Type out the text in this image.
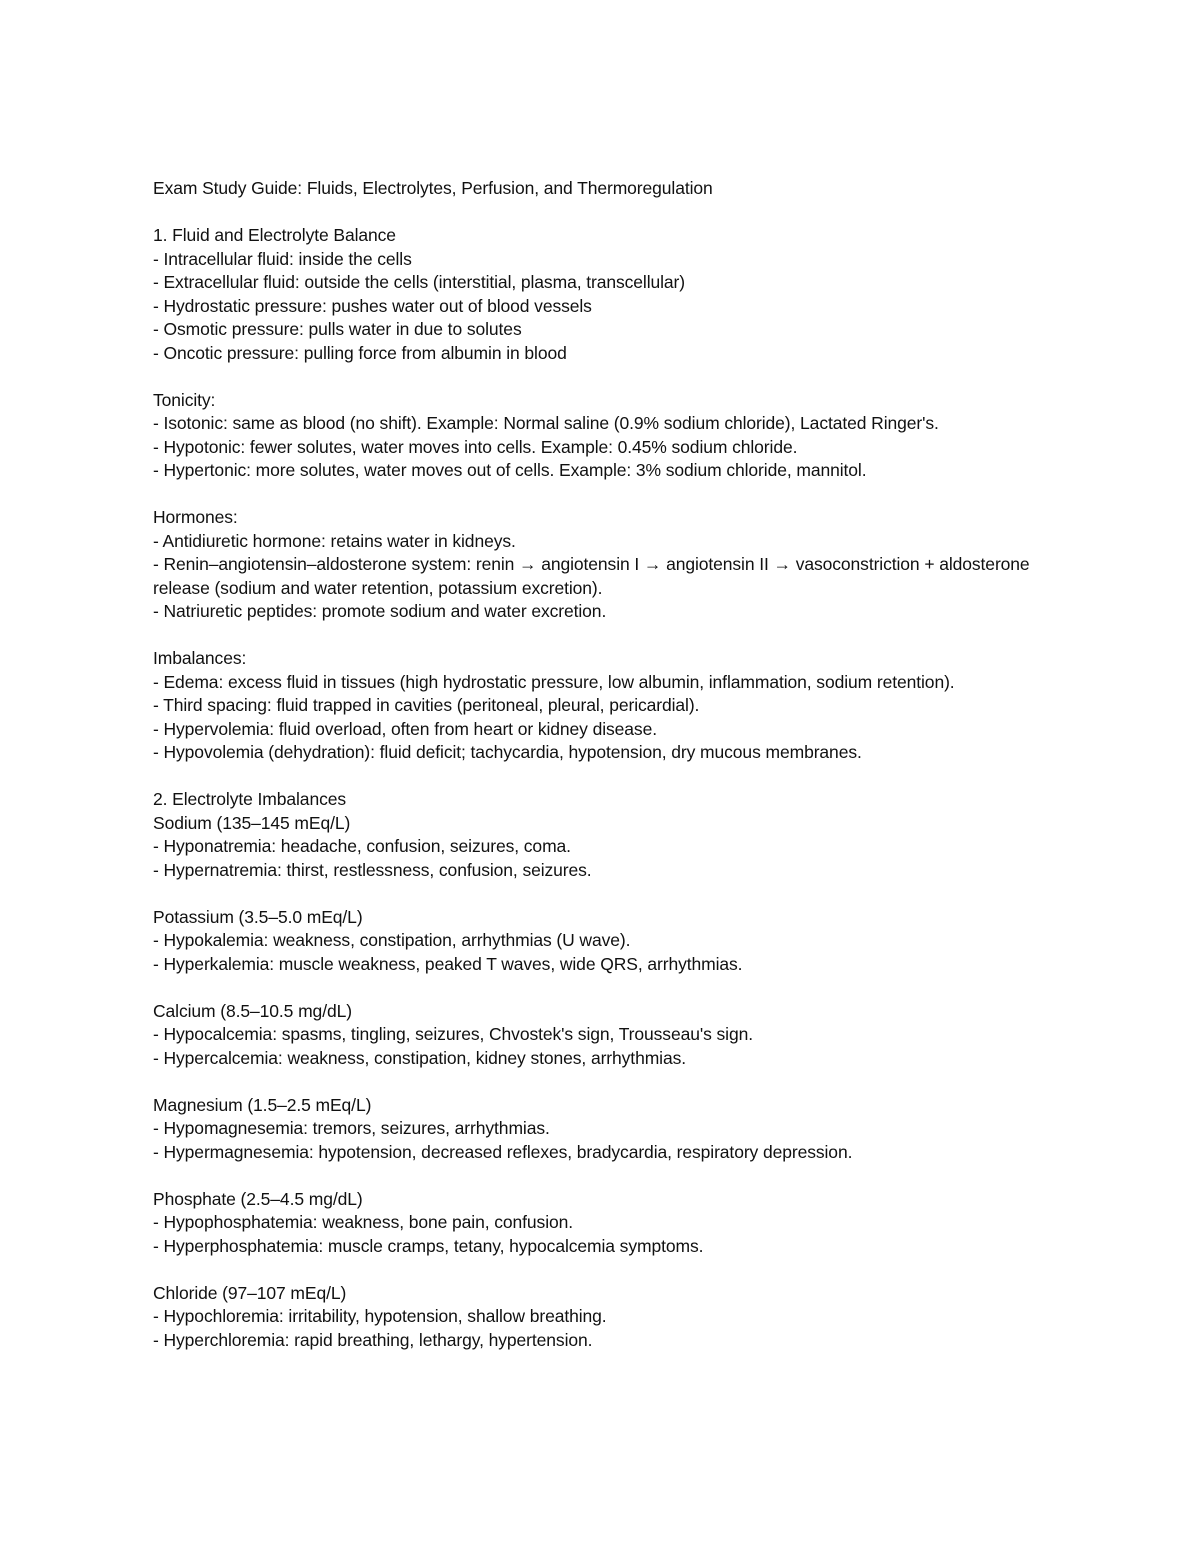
Exam Study Guide: Fluids, Electrolytes, Perfusion, and Thermoregulation
1. Fluid and Electrolyte Balance
- Intracellular fluid: inside the cells
- Extracellular fluid: outside the cells (interstitial, plasma, transcellular)
- Hydrostatic pressure: pushes water out of blood vessels
- Osmotic pressure: pulls water in due to solutes
- Oncotic pressure: pulling force from albumin in blood
Tonicity:
- Isotonic: same as blood (no shift). Example: Normal saline (0.9% sodium chloride), Lactated Ringer's.
- Hypotonic: fewer solutes, water moves into cells. Example: 0.45% sodium chloride.
- Hypertonic: more solutes, water moves out of cells. Example: 3% sodium chloride, mannitol.
Hormones:
- Antidiuretic hormone: retains water in kidneys.
- Renin–angiotensin–aldosterone system: renin → angiotensin I → angiotensin II → vasoconstriction + aldosterone release (sodium and water retention, potassium excretion).
- Natriuretic peptides: promote sodium and water excretion.
Imbalances:
- Edema: excess fluid in tissues (high hydrostatic pressure, low albumin, inflammation, sodium retention).
- Third spacing: fluid trapped in cavities (peritoneal, pleural, pericardial).
- Hypervolemia: fluid overload, often from heart or kidney disease.
- Hypovolemia (dehydration): fluid deficit; tachycardia, hypotension, dry mucous membranes.
2. Electrolyte Imbalances
Sodium (135–145 mEq/L)
- Hyponatremia: headache, confusion, seizures, coma.
- Hypernatremia: thirst, restlessness, confusion, seizures.
Potassium (3.5–5.0 mEq/L)
- Hypokalemia: weakness, constipation, arrhythmias (U wave).
- Hyperkalemia: muscle weakness, peaked T waves, wide QRS, arrhythmias.
Calcium (8.5–10.5 mg/dL)
- Hypocalcemia: spasms, tingling, seizures, Chvostek's sign, Trousseau's sign.
- Hypercalcemia: weakness, constipation, kidney stones, arrhythmias.
Magnesium (1.5–2.5 mEq/L)
- Hypomagnesemia: tremors, seizures, arrhythmias.
- Hypermagnesemia: hypotension, decreased reflexes, bradycardia, respiratory depression.
Phosphate (2.5–4.5 mg/dL)
- Hypophosphatemia: weakness, bone pain, confusion.
- Hyperphosphatemia: muscle cramps, tetany, hypocalcemia symptoms.
Chloride (97–107 mEq/L)
- Hypochloremia: irritability, hypotension, shallow breathing.
- Hyperchloremia: rapid breathing, lethargy, hypertension.
